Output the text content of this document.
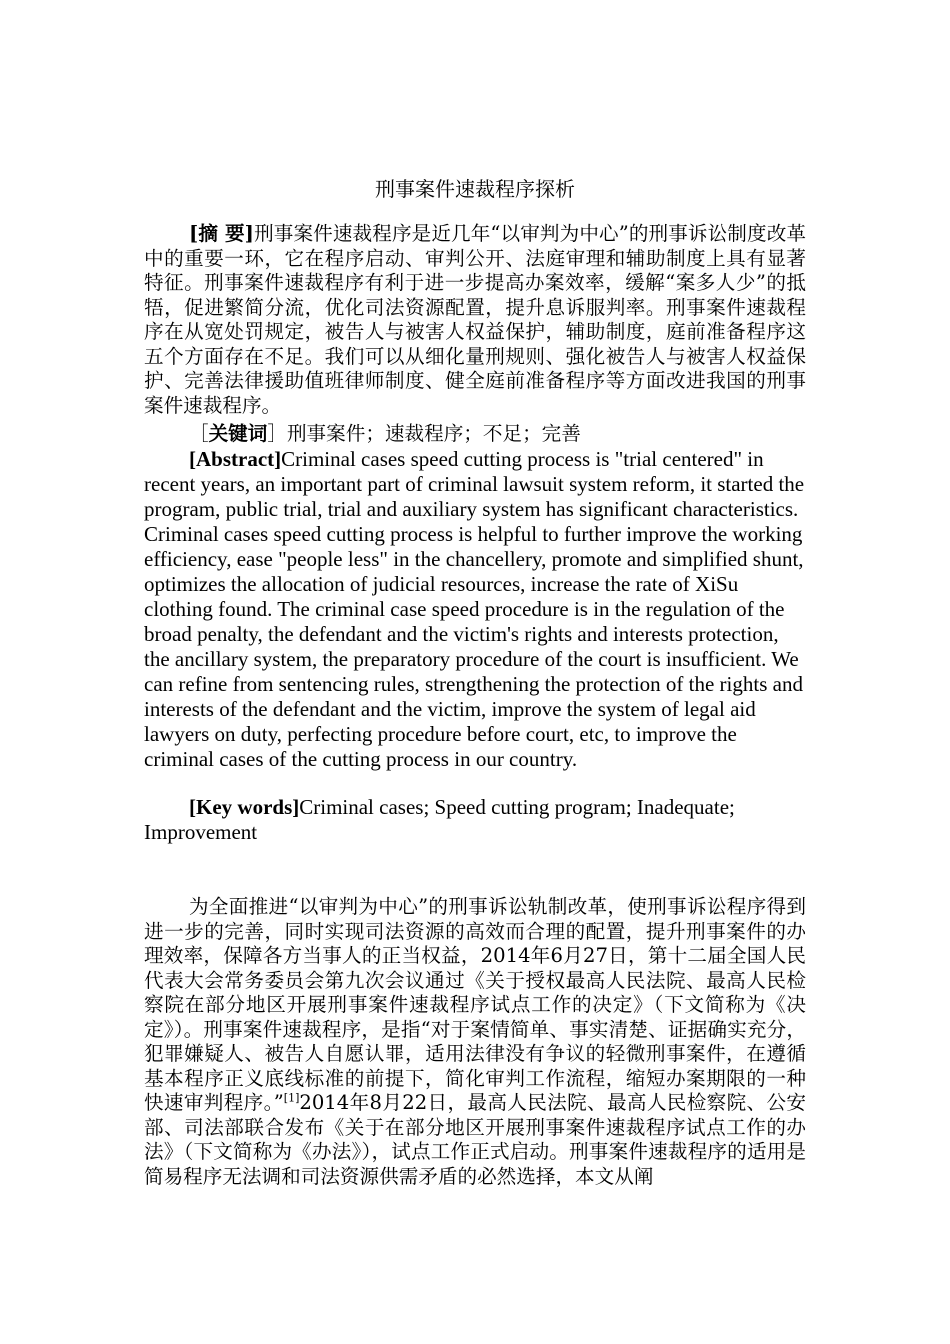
刑事案件速裁程序探析

[摘 要]刑事案件速裁程序是近几年“以审判为中心”的刑事诉讼制度改革中的重要一环，它在程序启动、审判公开、法庭审理和辅助制度上具有显著特征。刑事案件速裁程序有利于进一步提高办案效率，缓解“案多人少”的抵牾，促进繁简分流，优化司法资源配置，提升息诉服判率。刑事案件速裁程序在从宽处罚规定，被告人与被害人权益保护，辅助制度，庭前准备程序这五个方面存在不足。我们可以从细化量刑规则、强化被告人与被害人权益保护、完善法律援助值班律师制度、健全庭前准备程序等方面改进我国的刑事案件速裁程序。

［关键词］刑事案件；速裁程序；不足；完善

[Abstract]Criminal cases speed cutting process is "trial centered" in recent years, an important part of criminal lawsuit system reform, it started the program, public trial, trial and auxiliary system has significant characteristics. Criminal cases speed cutting process is helpful to further improve the working efficiency, ease "people less" in the chancellery, promote and simplified shunt, optimizes the allocation of judicial resources, increase the rate of XiSu clothing found. The criminal case speed procedure is in the regulation of the broad penalty, the defendant and the victim's rights and interests protection, the ancillary system, the preparatory procedure of the court is insufficient. We can refine from sentencing rules, strengthening the protection of the rights and interests of the defendant and the victim, improve the system of legal aid lawyers on duty, perfecting procedure before court, etc, to improve the criminal cases of the cutting process in our country.

[Key words]Criminal cases; Speed cutting program; Inadequate; Improvement

为全面推进“以审判为中心”的刑事诉讼轨制改革，使刑事诉讼程序得到进一步的完善，同时实现司法资源的高效而合理的配置，提升刑事案件的办理效率，保障各方当事人的正当权益，2014年6月27日，第十二届全国人民代表大会常务委员会第九次会议通过《关于授权最高人民法院、最高人民检察院在部分地区开展刑事案件速裁程序试点工作的决定》（下文简称为《决定》）。刑事案件速裁程序，是指“对于案情简单、事实清楚、证据确实充分，犯罪嫌疑人、被告人自愿认罪，适用法律没有争议的轻微刑事案件，在遵循基本程序正义底线标准的前提下，简化审判工作流程，缩短办案期限的一种快速审判程序。”[1]2014年8月22日，最高人民法院、最高人民检察院、公安部、司法部联合发布《关于在部分地区开展刑事案件速裁程序试点工作的办法》（下文简称为《办法》），试点工作正式启动。刑事案件速裁程序的适用是简易程序无法调和司法资源供需矛盾的必然选择，本文从阐
